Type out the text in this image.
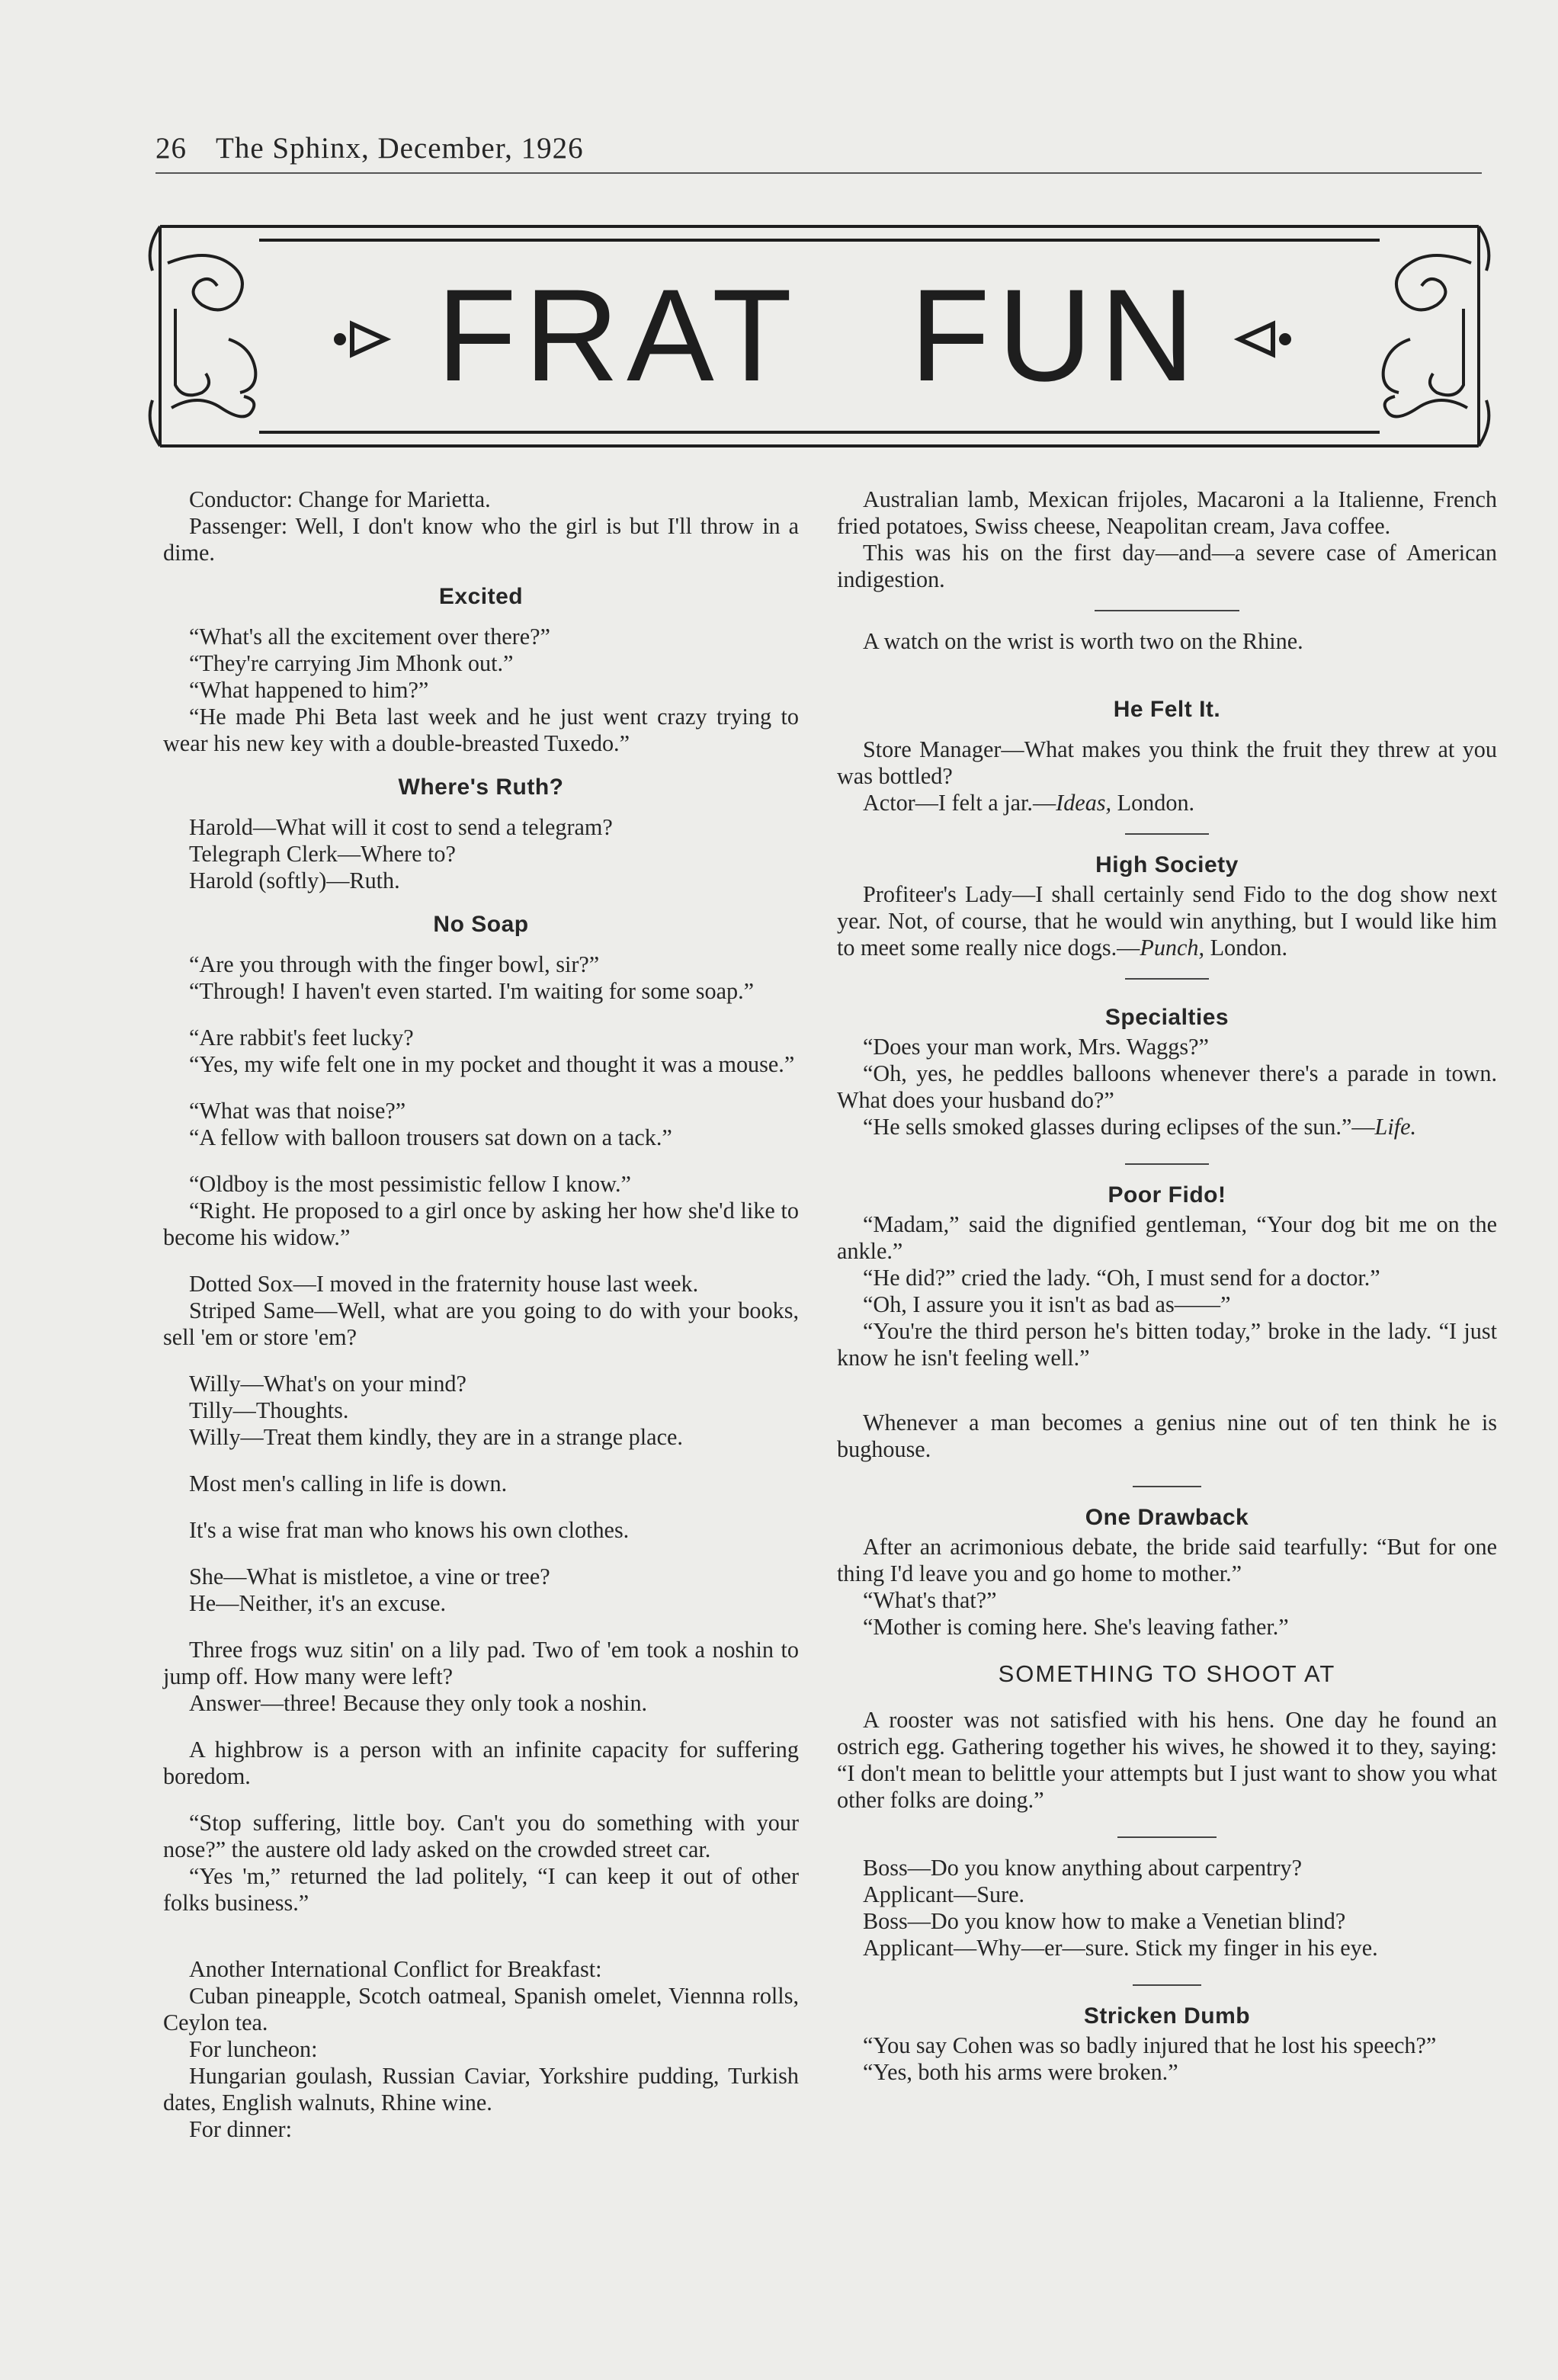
26 The Sphinx, December, 1926
FRAT FUN

Conductor: Change for Marietta.

Passenger: Well, I don't know who the girl is but I'll throw in a dime.

Excited

“What's all the excitement over there?”

“They're carrying Jim Mhonk out.”

“What happened to him?”

“He made Phi Beta last week and he just went crazy trying to wear his new key with a double-breasted Tuxedo.”

Where's Ruth?

Harold—What will it cost to send a telegram?

Telegraph Clerk—Where to?

Harold (softly)—Ruth.

No Soap

“Are you through with the finger bowl, sir?”

“Through! I haven't even started. I'm waiting for some soap.”

“Are rabbit's feet lucky?

“Yes, my wife felt one in my pocket and thought it was a mouse.”

“What was that noise?”

“A fellow with balloon trousers sat down on a tack.”

“Oldboy is the most pessimistic fellow I know.”

“Right. He proposed to a girl once by asking her how she'd like to become his widow.”

Dotted Sox—I moved in the fraternity house last week.

Striped Same—Well, what are you going to do with your books, sell 'em or store 'em?

Willy—What's on your mind?

Tilly—Thoughts.

Willy—Treat them kindly, they are in a strange place.

Most men's calling in life is down.

It's a wise frat man who knows his own clothes.

She—What is mistletoe, a vine or tree?

He—Neither, it's an excuse.

Three frogs wuz sitin' on a lily pad. Two of 'em took a noshin to jump off. How many were left?

Answer—three! Because they only took a noshin.

A highbrow is a person with an infinite capacity for suffering boredom.

“Stop suffering, little boy. Can't you do something with your nose?” the austere old lady asked on the crowded street car.

“Yes 'm,” returned the lad politely, “I can keep it out of other folks business.”

Another International Conflict for Breakfast:

Cuban pineapple, Scotch oatmeal, Spanish omelet, Viennna rolls, Ceylon tea.

For luncheon:

Hungarian goulash, Russian Caviar, Yorkshire pudding, Turkish dates, English walnuts, Rhine wine.

For dinner:

Australian lamb, Mexican frijoles, Macaroni a la Italienne, French fried potatoes, Swiss cheese, Neapolitan cream, Java coffee.

This was his on the first day—and—a severe case of American indigestion.

A watch on the wrist is worth two on the Rhine.

He Felt It.

Store Manager—What makes you think the fruit they threw at you was bottled?

Actor—I felt a jar.—Ideas, London.

High Society

Profiteer's Lady—I shall certainly send Fido to the dog show next year. Not, of course, that he would win anything, but I would like him to meet some really nice dogs.—Punch, London.

Specialties

“Does your man work, Mrs. Waggs?”

“Oh, yes, he peddles balloons whenever there's a parade in town. What does your husband do?”

“He sells smoked glasses during eclipses of the sun.”—Life.

Poor Fido!

“Madam,” said the dignified gentleman, “Your dog bit me on the ankle.”

“He did?” cried the lady. “Oh, I must send for a doctor.”

“Oh, I assure you it isn't as bad as——”

“You're the third person he's bitten today,” broke in the lady. “I just know he isn't feeling well.”

Whenever a man becomes a genius nine out of ten think he is bughouse.

One Drawback

After an acrimonious debate, the bride said tearfully: “But for one thing I'd leave you and go home to mother.”

“What's that?”

“Mother is coming here. She's leaving father.”

SOMETHING TO SHOOT AT

A rooster was not satisfied with his hens. One day he found an ostrich egg. Gathering together his wives, he showed it to they, saying: “I don't mean to belittle your attempts but I just want to show you what other folks are doing.”

Boss—Do you know anything about carpentry?

Applicant—Sure.

Boss—Do you know how to make a Venetian blind?

Applicant—Why—er—sure. Stick my finger in his eye.

Stricken Dumb

“You say Cohen was so badly injured that he lost his speech?”

“Yes, both his arms were broken.”
